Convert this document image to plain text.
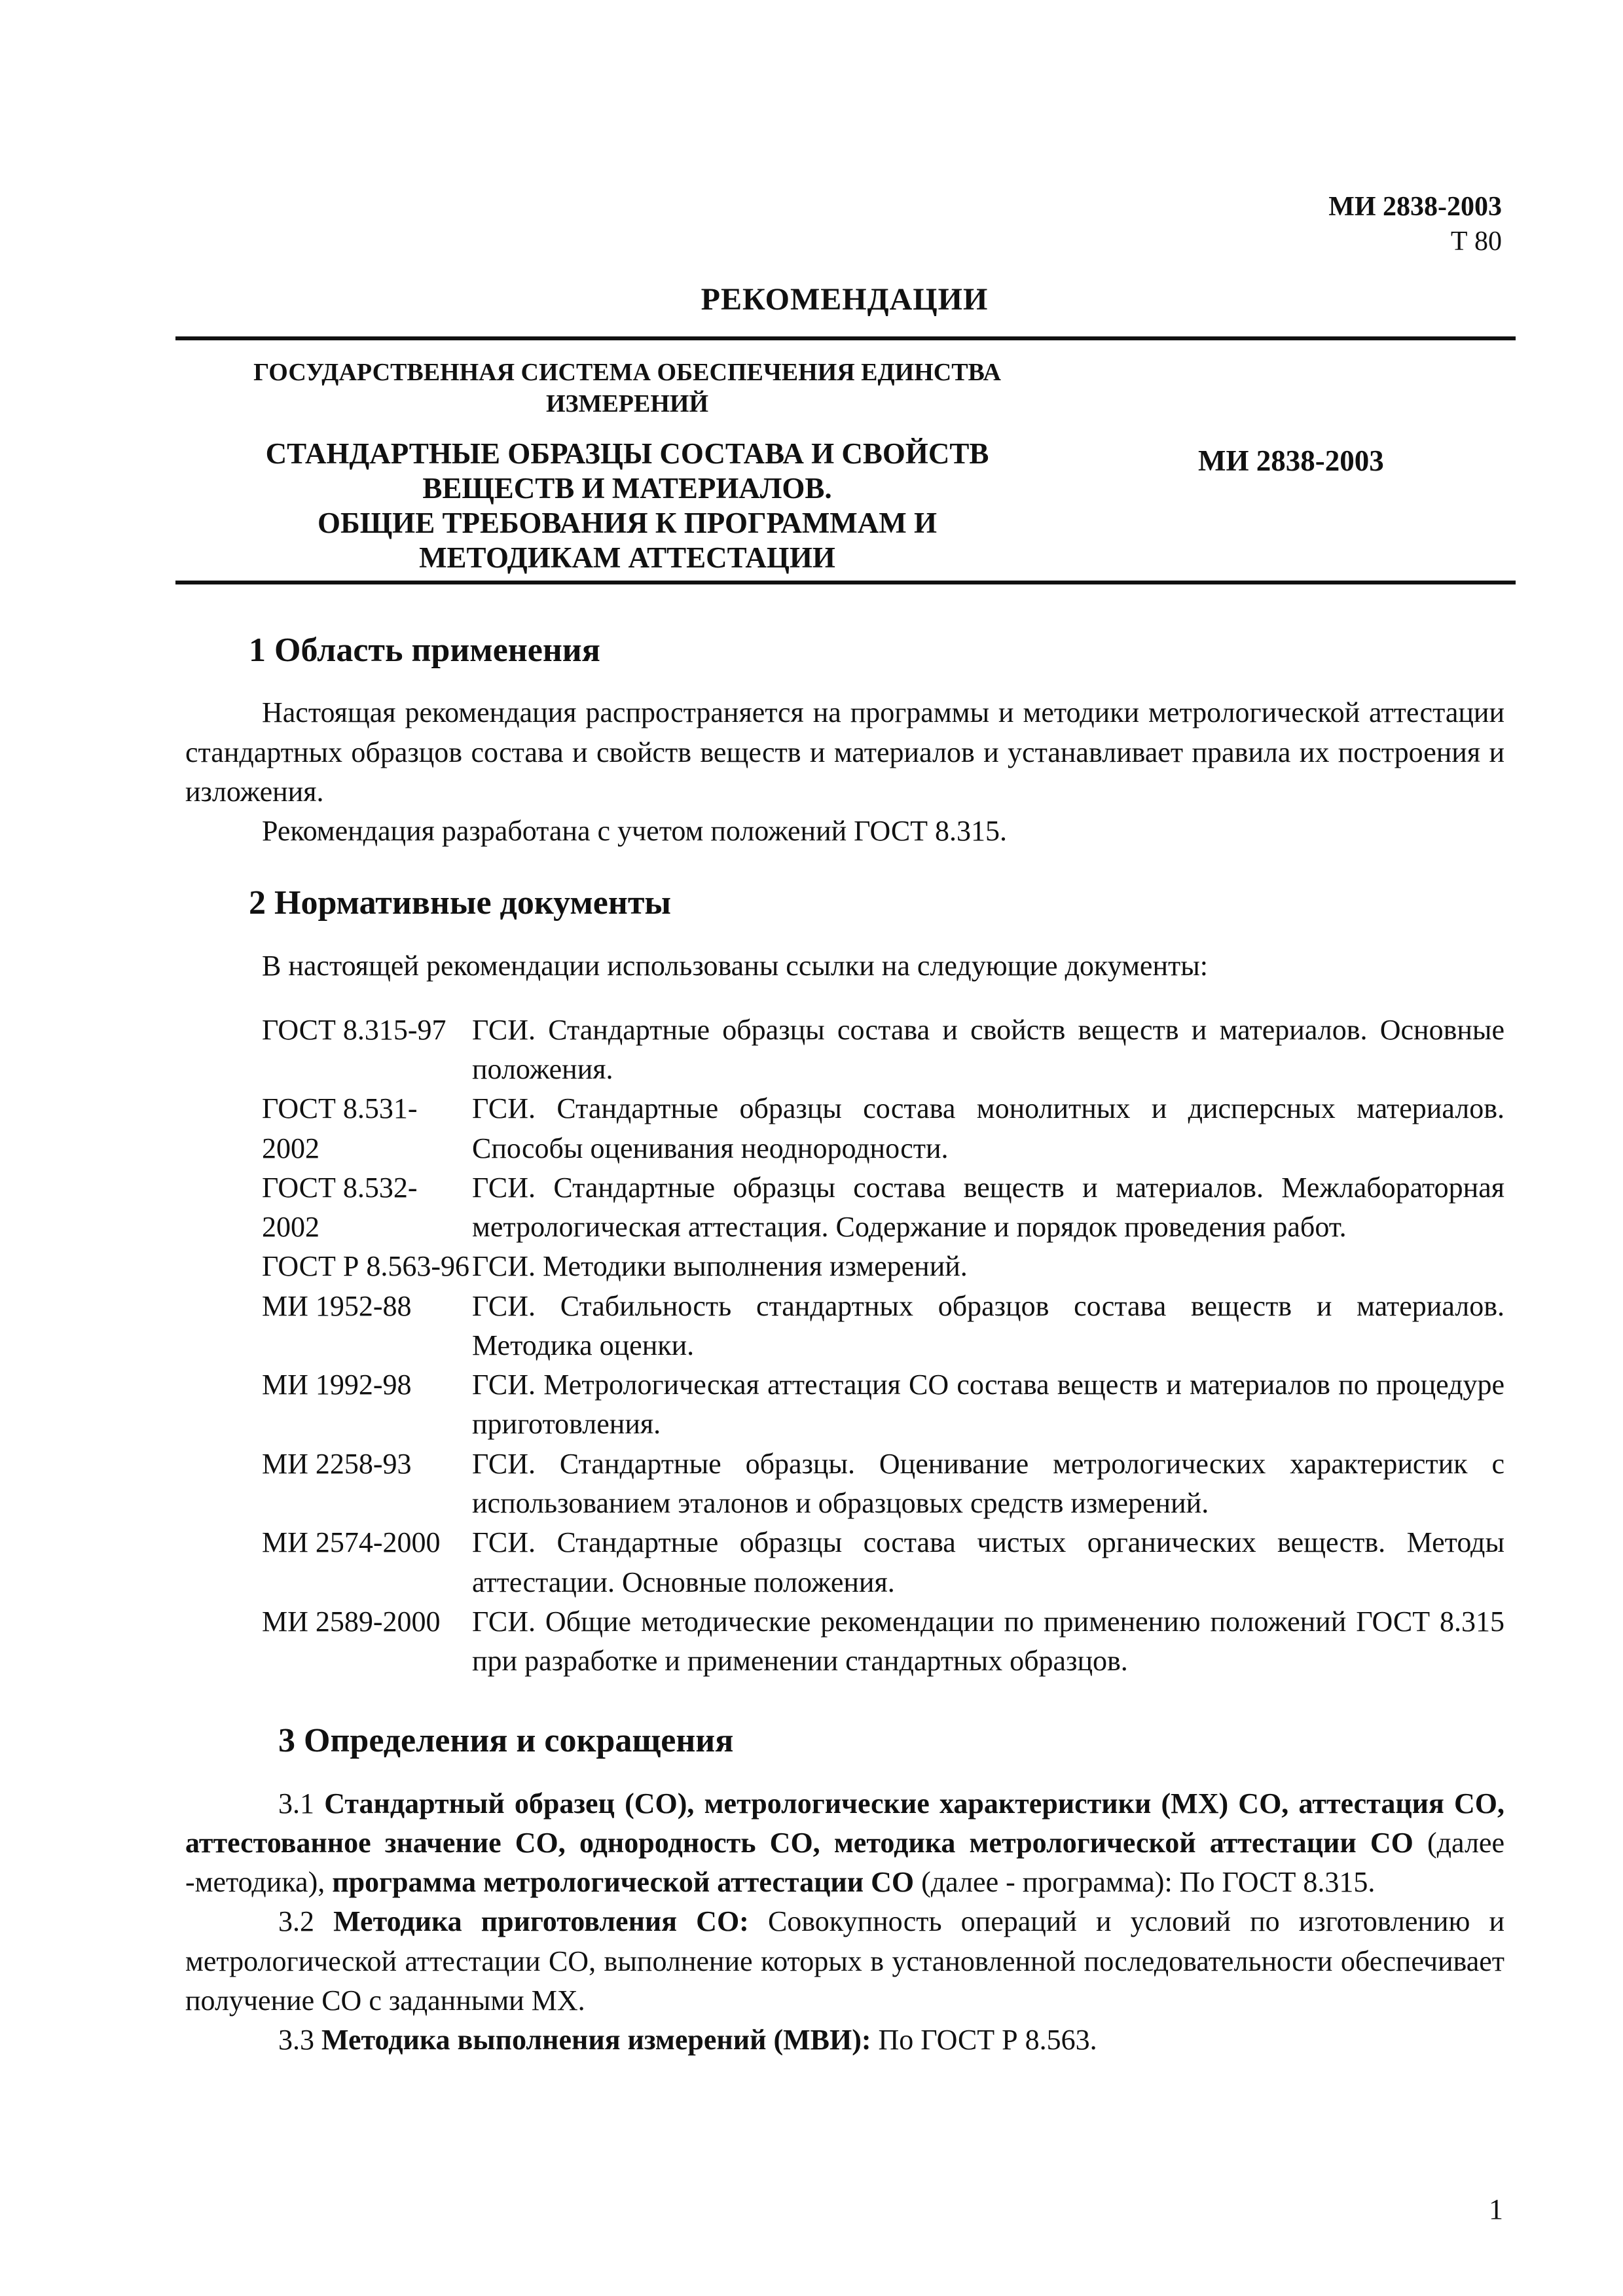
МИ 2838-2003
Т 80
РЕКОМЕНДАЦИИ
ГОСУДАРСТВЕННАЯ СИСТЕМА ОБЕСПЕЧЕНИЯ ЕДИНСТВА ИЗМЕРЕНИЙ
СТАНДАРТНЫЕ ОБРАЗЦЫ СОСТАВА И СВОЙСТВ
ВЕЩЕСТВ И МАТЕРИАЛОВ.
ОБЩИЕ ТРЕБОВАНИЯ К ПРОГРАММАМ И
МЕТОДИКАМ АТТЕСТАЦИИ
МИ 2838-2003
1 Область применения

Настоящая рекомендация распространяется на программы и методики метрологической аттестации стандартных образцов состава и свойств веществ и материалов и устанавливает правила их построения и изложения.

Рекомендация разработана с учетом положений ГОСТ 8.315.

2 Нормативные документы

В настоящей рекомендации использованы ссылки на следующие документы:

ГОСТ 8.315-97 ГСИ. Стандартные образцы состава и свойств веществ и материалов. Основные положения.
ГОСТ 8.531-2002
ГСИ. Стандартные образцы состава монолитных и дисперсных материалов. Способы оценивания неоднородности.
ГОСТ 8.532-2002
ГСИ. Стандартные образцы состава веществ и материалов. Межлабораторная метрологическая аттестация. Содержание и порядок проведения работ.
ГОСТ Р 8.563-96 ГСИ. Методики выполнения измерений.
МИ 1952-88	ГСИ. Стабильность стандартных образцов состава веществ и материалов. Методика оценки.
МИ 1992-98	ГСИ. Метрологическая аттестация СО состава веществ и материалов по процедуре приготовления.
МИ 2258-93	ГСИ. Стандартные образцы. Оценивание метрологических характеристик с использованием эталонов и образцовых средств измерений.
МИ 2574-2000	ГСИ. Стандартные образцы состава чистых органических веществ. Методы аттестации. Основные положения.
МИ 2589-2000	ГСИ. Общие методические рекомендации по применению положений ГОСТ 8.315 при разработке и применении стандартных образцов.
3 Определения и сокращения

3.1 Стандартный образец (СО), метрологические характеристики (МХ) СО, аттестация СО, аттестованное значение СО, однородность СО, методика метрологической аттестации СО (далее -методика), программа метрологической аттестации СО (далее - программа): По ГОСТ 8.315.

3.2 Методика приготовления СО: Совокупность операций и условий по изготовлению и метрологической аттестации СО, выполнение которых в установленной последовательности обеспечивает получение СО с заданными МХ.

3.3 Методика выполнения измерений (МВИ): По ГОСТ Р 8.563.

1
